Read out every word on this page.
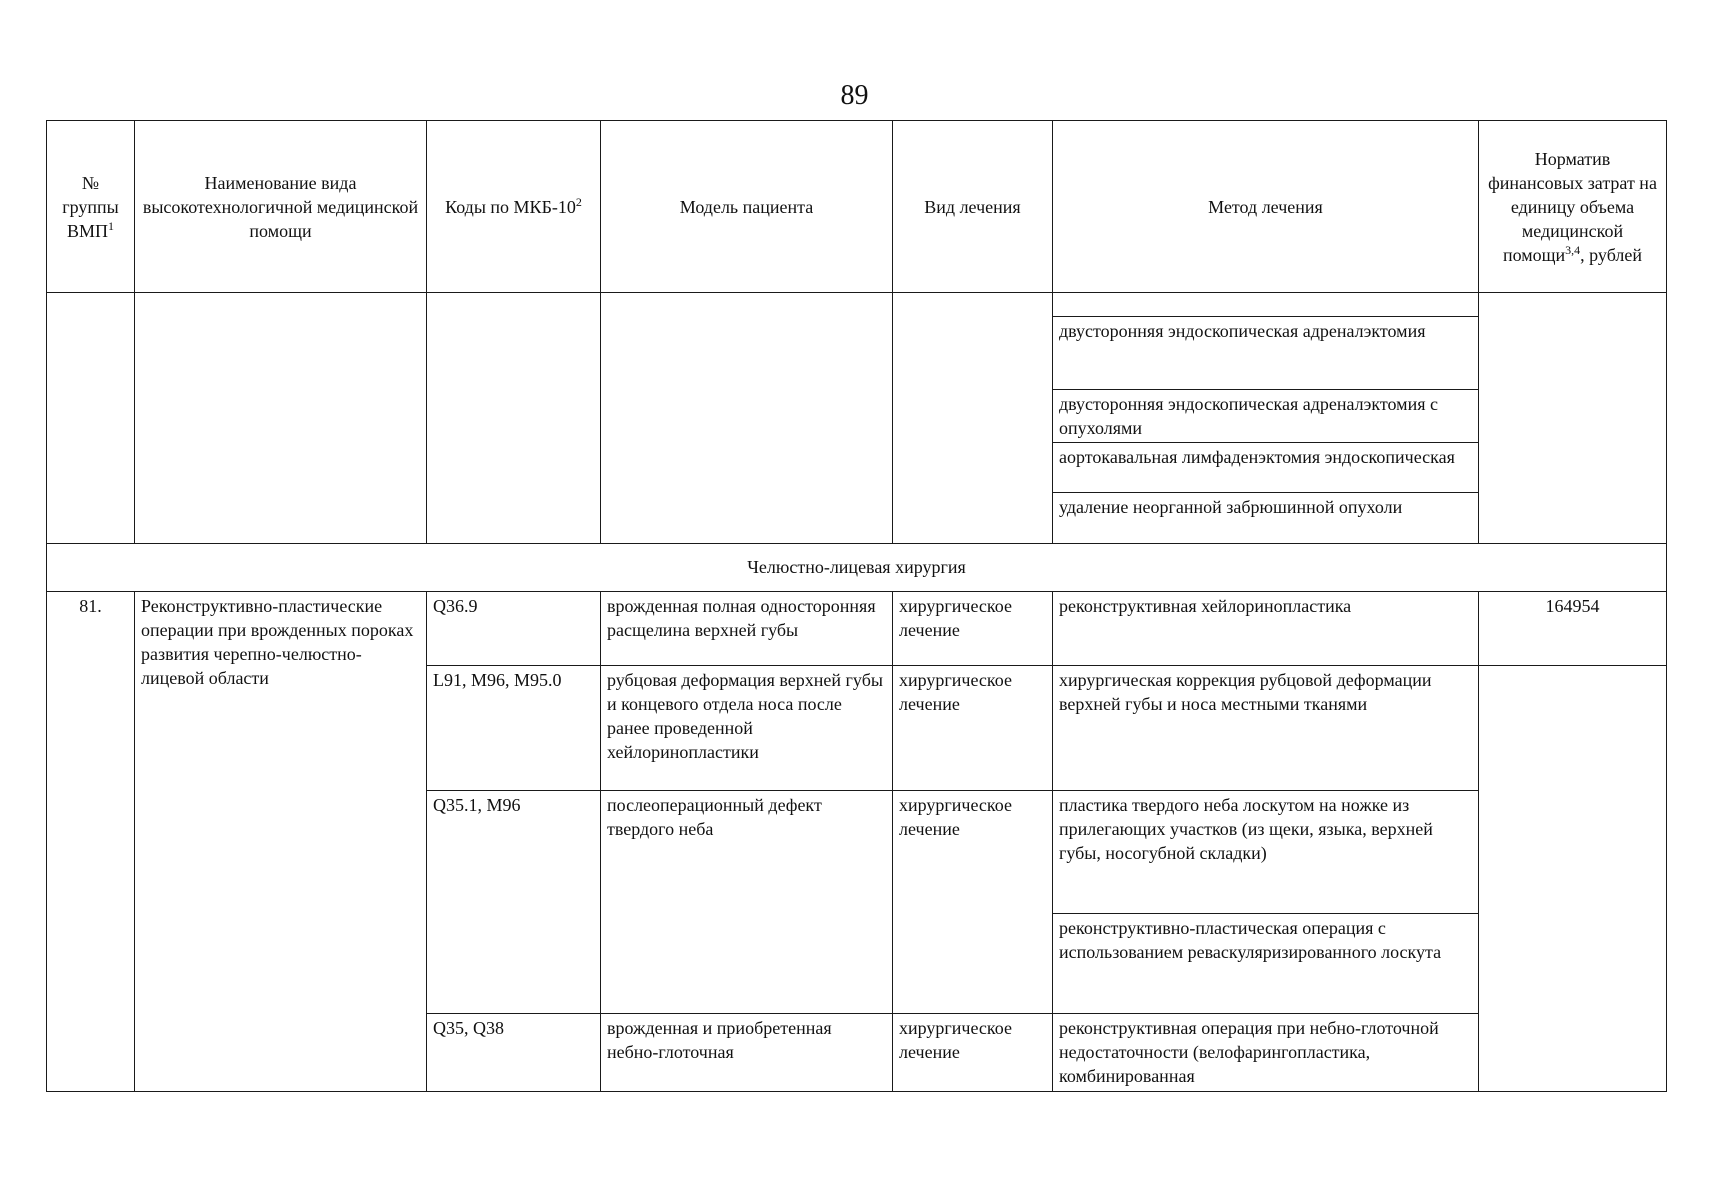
89
№ группы ВМП$^1$	Наименование вида высокотехнологичной медицинской помощи	Коды по МКБ-$10^2$	Модель пациента	Вид лечения	Метод лечения	Норматив финансовых затрат на единицу объема медицинской помощи$^{3,4}$, рублей

					двусторонняя эндоскопическая адреналэктомия	
					двусторонняя эндоскопическая адреналэктомия с опухолями	
					аортокавальная лимфаденэктомия эндоскопическая	
					удаление неорганной забрюшинной опухоли	
Челюстно-лицевая хирургия						
81.	Реконструктивно-пластические операции при врожденных пороках развития черепно-челюстно-лицевой области	Q36.9	врожденная полная односторонняя расщелина верхней губы	хирургическое лечение	реконструктивная хейлоринопластика	164954
		L91, M96, M95.0	рубцовая деформация верхней губы и концевого отдела носа после ранее проведенной хейлоринопластики	хирургическое лечение	хирургическая коррекция рубцовой деформации верхней губы и носа местными тканями	
		Q35.1, M96	послеоперационный дефект твердого неба	хирургическое лечение	пластика твердого неба лоскутом на ножке из прилегающих участков (из щеки, языка, верхней губы, носогубной складки)	
					реконструктивно-пластическая операция с использованием реваскуляризированного лоскута	
		Q35, Q38	врожденная и приобретенная небно-глоточная	хирургическое лечение	реконструктивная операция при небно-глоточной недостаточности (велофарингопластика, комбинированная	
